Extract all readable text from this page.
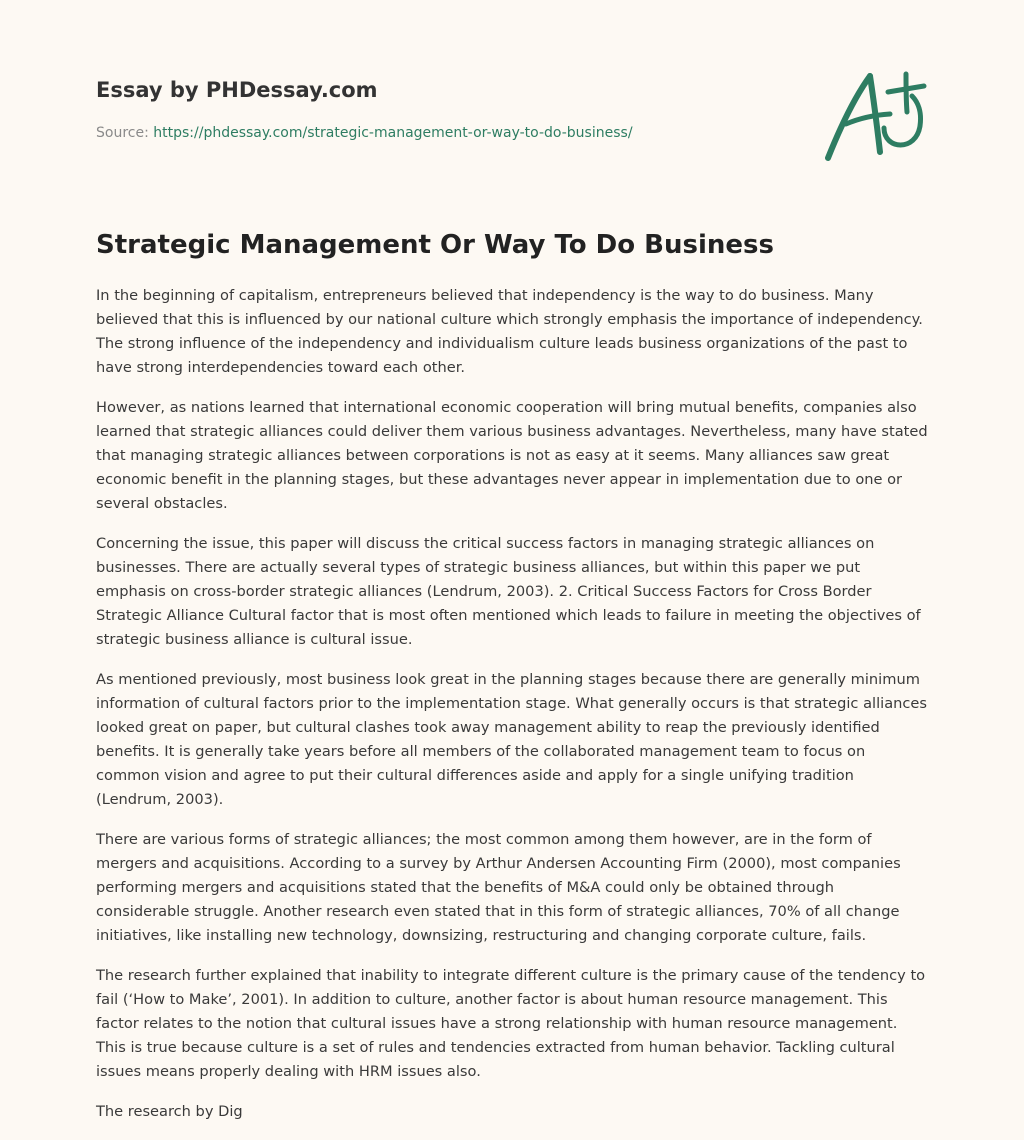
Essay by PHDessay.com
Source: https://phdessay.com/strategic-management-or-way-to-do-business/
Strategic Management Or Way To Do Business

In the beginning of capitalism, entrepreneurs believed that independency is the way to do business. Many believed that this is influenced by our national culture which strongly emphasis the importance of independency. The strong influence of the independency and individualism culture leads business organizations of the past to have strong interdependencies toward each other.

However, as nations learned that international economic cooperation will bring mutual benefits, companies also learned that strategic alliances could deliver them various business advantages. Nevertheless, many have stated that managing strategic alliances between corporations is not as easy at it seems. Many alliances saw great economic benefit in the planning stages, but these advantages never appear in implementation due to one or several obstacles.

Concerning the issue, this paper will discuss the critical success factors in managing strategic alliances on businesses. There are actually several types of strategic business alliances, but within this paper we put emphasis on cross-border strategic alliances (Lendrum, 2003). 2. Critical Success Factors for Cross Border Strategic Alliance Cultural factor that is most often mentioned which leads to failure in meeting the objectives of strategic business alliance is cultural issue.

As mentioned previously, most business look great in the planning stages because there are generally minimum information of cultural factors prior to the implementation stage. What generally occurs is that strategic alliances looked great on paper, but cultural clashes took away management ability to reap the previously identified benefits. It is generally take years before all members of the collaborated management team to focus on common vision and agree to put their cultural differences aside and apply for a single unifying tradition (Lendrum, 2003).

There are various forms of strategic alliances; the most common among them however, are in the form of mergers and acquisitions. According to a survey by Arthur Andersen Accounting Firm (2000), most companies performing mergers and acquisitions stated that the benefits of M&A could only be obtained through considerable struggle. Another research even stated that in this form of strategic alliances, 70% of all change initiatives, like installing new technology, downsizing, restructuring and changing corporate culture, fails.

The research further explained that inability to integrate different culture is the primary cause of the tendency to fail (‘How to Make’, 2001). In addition to culture, another factor is about human resource management. This factor relates to the notion that cultural issues have a strong relationship with human resource management. This is true because culture is a set of rules and tendencies extracted from human behavior. Tackling cultural issues means properly dealing with HRM issues also.

The research by Dig
